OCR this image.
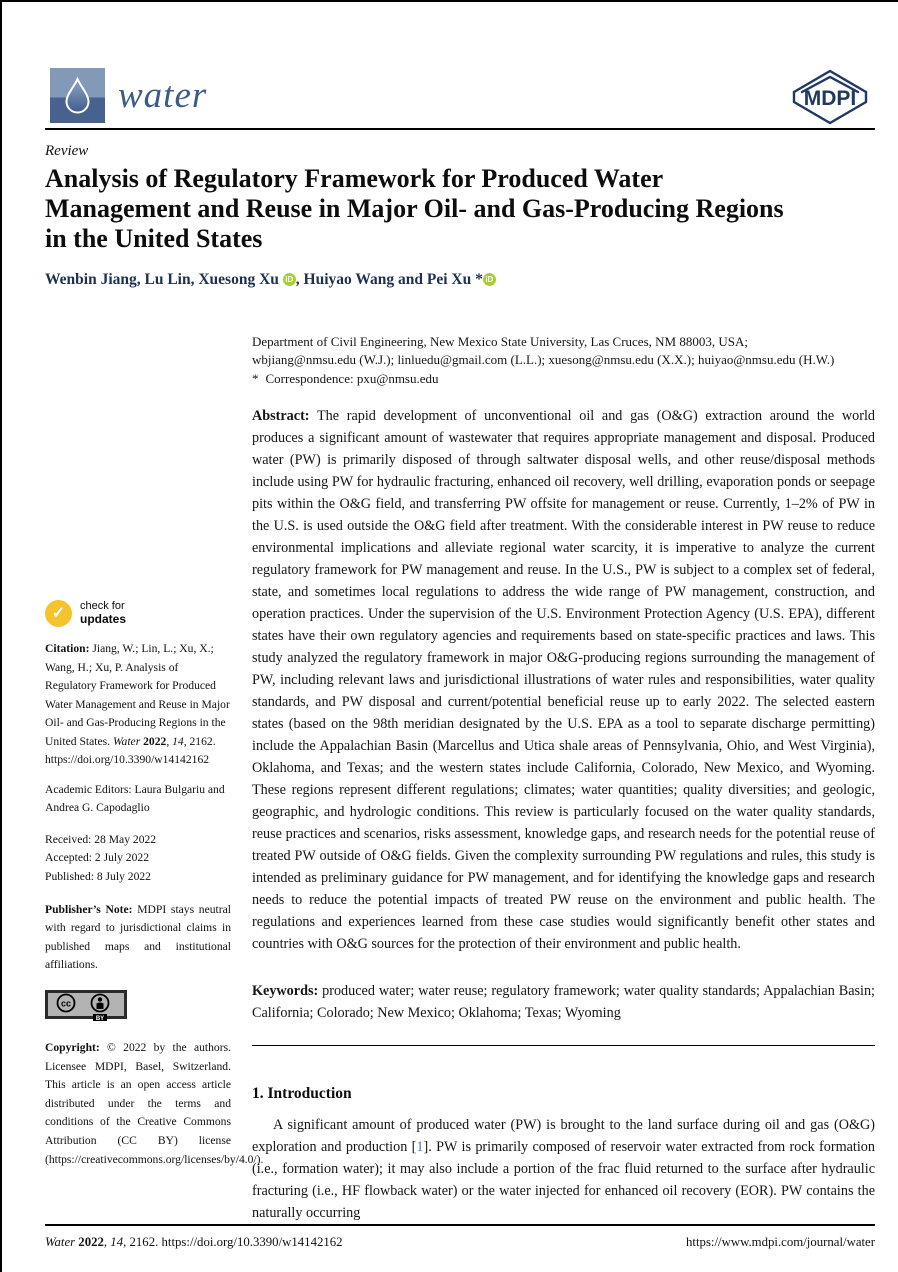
water	MDPI
Review
Analysis of Regulatory Framework for Produced Water Management and Reuse in Major Oil- and Gas-Producing Regions in the United States
Wenbin Jiang, Lu Lin, Xuesong Xu iD , Huiyao Wang and Pei Xu * iD
Department of Civil Engineering, New Mexico State University, Las Cruces, NM 88003, USA;
wbjiang@nmsu.edu (W.J.); linluedu@gmail.com (L.L.); xuesong@nmsu.edu (X.X.); huiyao@nmsu.edu (H.W.)
* Correspondence: pxu@nmsu.edu

Abstract: The rapid development of unconventional oil and gas (O&G) extraction around the world produces a significant amount of wastewater that requires appropriate management and disposal. Produced water (PW) is primarily disposed of through saltwater disposal wells, and other reuse/disposal methods include using PW for hydraulic fracturing, enhanced oil recovery, well drilling, evaporation ponds or seepage pits within the O&G field, and transferring PW offsite for management or reuse. Currently, 1–2% of PW in the U.S. is used outside the O&G field after treatment. With the considerable interest in PW reuse to reduce environmental implications and alleviate regional water scarcity, it is imperative to analyze the current regulatory framework for PW management and reuse. In the U.S., PW is subject to a complex set of federal, state, and sometimes local regulations to address the wide range of PW management, construction, and operation practices. Under the supervision of the U.S. Environment Protection Agency (U.S. EPA), different states have their own regulatory agencies and requirements based on state-specific practices and laws. This study analyzed the regulatory framework in major O&G-producing regions surrounding the management of PW, including relevant laws and jurisdictional illustrations of water rules and responsibilities, water quality standards, and PW disposal and current/potential beneficial reuse up to early 2022. The selected eastern states (based on the 98th meridian designated by the U.S. EPA as a tool to separate discharge permitting) include the Appalachian Basin (Marcellus and Utica shale areas of Pennsylvania, Ohio, and West Virginia), Oklahoma, and Texas; and the western states include California, Colorado, New Mexico, and Wyoming. These regions represent different regulations; climates; water quantities; quality diversities; and geologic, geographic, and hydrologic conditions. This review is particularly focused on the water quality standards, reuse practices and scenarios, risks assessment, knowledge gaps, and research needs for the potential reuse of treated PW outside of O&G fields. Given the complexity surrounding PW regulations and rules, this study is intended as preliminary guidance for PW management, and for identifying the knowledge gaps and research needs to reduce the potential impacts of treated PW reuse on the environment and public health. The regulations and experiences learned from these case studies would significantly benefit other states and countries with O&G sources for the protection of their environment and public health.

Keywords: produced water; water reuse; regulatory framework; water quality standards; Appalachian Basin; California; Colorado; New Mexico; Oklahoma; Texas; Wyoming

1. Introduction

A significant amount of produced water (PW) is brought to the land surface during oil and gas (O&G) exploration and production [1]. PW is primarily composed of reservoir water extracted from rock formation (i.e., formation water); it may also include a portion of the frac fluid returned to the surface after hydraulic fracturing (i.e., HF flowback water) or the water injected for enhanced oil recovery (EOR). PW contains the naturally occurring

✓	check for
updates
Citation: Jiang, W.; Lin, L.; Xu, X.; Wang, H.; Xu, P. Analysis of Regulatory Framework for Produced Water Management and Reuse in Major Oil- and Gas-Producing Regions in the United States. Water 2022, 14, 2162. https://doi.org/10.3390/w14142162
Academic Editors: Laura Bulgariu and Andrea G. Capodaglio
Received: 28 May 2022
Accepted: 2 July 2022
Published: 8 July 2022
Publisher’s Note: MDPI stays neutral with regard to jurisdictional claims in published maps and institutional affiliations.
cc
BY
Copyright: © 2022 by the authors. Licensee MDPI, Basel, Switzerland. This article is an open access article distributed under the terms and conditions of the Creative Commons Attribution (CC BY) license (https://creativecommons.org/licenses/by/4.0/).
Water 2022, 14, 2162. https://doi.org/10.3390/w14142162	https://www.mdpi.com/journal/water
